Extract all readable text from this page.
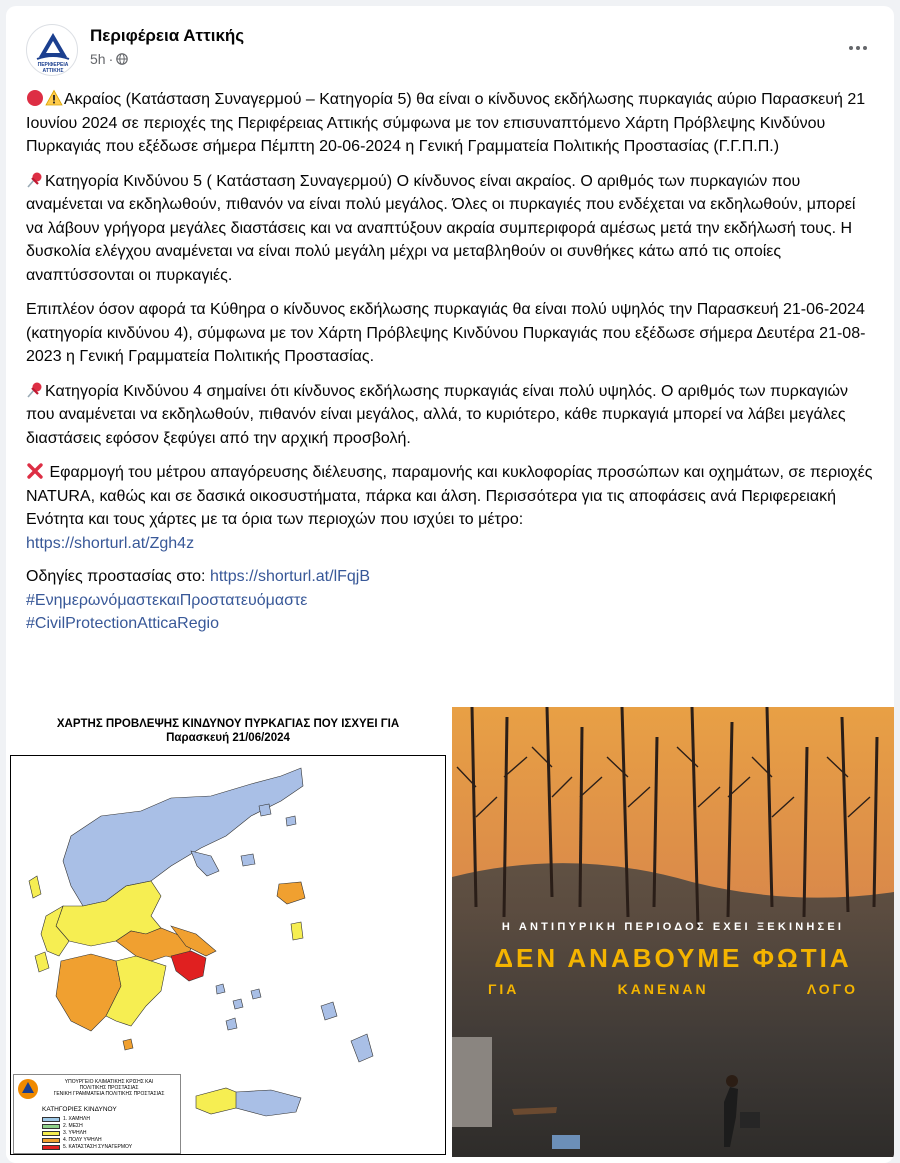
ΠΕΡΙΦΕΡΕΙΑ
ΑΤΤΙΚΗΣ
Περιφέρεια Αττικής
5h ·

Ακραίος (Κατάσταση Συναγερμού – Κατηγορία 5) θα είναι ο κίνδυνος εκδήλωσης πυρκαγιάς αύριο Παρασκευή 21 Ιουνίου 2024 σε περιοχές της Περιφέρειας Αττικής σύμφωνα με τον επισυναπτόμενο Χάρτη Πρόβλεψης Κινδύνου Πυρκαγιάς που εξέδωσε σήμερα Πέμπτη 20-06-2024 η Γενική Γραμματεία Πολιτικής Προστασίας (Γ.Γ.Π.Π.)

Κατηγορία Κινδύνου 5 ( Κατάσταση Συναγερμού) Ο κίνδυνος είναι ακραίος. Ο αριθμός των πυρκαγιών που αναμένεται να εκδηλωθούν, πιθανόν να είναι πολύ μεγάλος. Όλες οι πυρκαγιές που ενδέχεται να εκδηλωθούν, μπορεί να λάβουν γρήγορα μεγάλες διαστάσεις και να αναπτύξουν ακραία συμπεριφορά αμέσως μετά την εκδήλωσή τους. Η δυσκολία ελέγχου αναμένεται να είναι πολύ μεγάλη μέχρι να μεταβληθούν οι συνθήκες κάτω από τις οποίες αναπτύσσονται οι πυρκαγιές.

Επιπλέον όσον αφορά τα Κύθηρα ο κίνδυνος εκδήλωσης πυρκαγιάς θα είναι πολύ υψηλός την Παρασκευή 21-06-2024 (κατηγορία κινδύνου 4), σύμφωνα με τον Χάρτη Πρόβλεψης Κινδύνου Πυρκαγιάς που εξέδωσε σήμερα Δευτέρα 21-08-2023 η Γενική Γραμματεία Πολιτικής Προστασίας.

Κατηγορία Κινδύνου 4 σημαίνει ότι κίνδυνος εκδήλωσης πυρκαγιάς είναι πολύ υψηλός. Ο αριθμός των πυρκαγιών που αναμένεται να εκδηλωθούν, πιθανόν είναι μεγάλος, αλλά, το κυριότερο, κάθε πυρκαγιά μπορεί να λάβει μεγάλες διαστάσεις εφόσον ξεφύγει από την αρχική προσβολή.

Εφαρμογή του μέτρου απαγόρευσης διέλευσης, παραμονής και κυκλοφορίας προσώπων και οχημάτων, σε περιοχές NATURA, καθώς και σε δασικά οικοσυστήματα, πάρκα και άλση. Περισσότερα για τις αποφάσεις ανά Περιφερειακή Ενότητα και τους χάρτες με τα όρια των περιοχών που ισχύει το μέτρο:
https://shorturl.at/Zgh4z

Οδηγίες προστασίας στο: https://shorturl.at/lFqjB
#ΕνημερωνόμαστεκαιΠροστατευόμαστε
#CivilProtectionAtticaRegio

ΧΑΡΤΗΣ ΠΡΟΒΛΕΨΗΣ ΚΙΝΔΥΝΟΥ ΠΥΡΚΑΓΙΑΣ ΠΟΥ ΙΣΧΥΕΙ ΓΙΑ
Παρασκευή 21/06/2024
ΥΠΟΥΡΓΕΙΟ ΚΛΙΜΑΤΙΚΗΣ ΚΡΙΣΗΣ ΚΑΙ
ΠΟΛΙΤΙΚΗΣ ΠΡΟΣΤΑΣΙΑΣ
ΓΕΝΙΚΗ ΓΡΑΜΜΑΤΕΙΑ ΠΟΛΙΤΙΚΗΣ ΠΡΟΣΤΑΣΙΑΣ
ΚΑΤΗΓΟΡΙΕΣ ΚΙΝΔΥΝΟΥ
1. ΧΑΜΗΛΗ
2. ΜΕΣΗ
3. ΥΨΗΛΗ
4. ΠΟΛΥ ΥΨΗΛΗ
5. ΚΑΤΑΣΤΑΣΗ ΣΥΝΑΓΕΡΜΟΥ
Η ΑΝΤΙΠΥΡΙΚΗ ΠΕΡΙΟΔΟΣ ΕΧΕΙ ΞΕΚΙΝΗΣΕΙ
ΔΕΝ ΑΝΑΒΟΥΜΕ ΦΩΤΙΑ
ΓΙΑ	ΚΑΝΕΝΑΝ	ΛΟΓΟ
